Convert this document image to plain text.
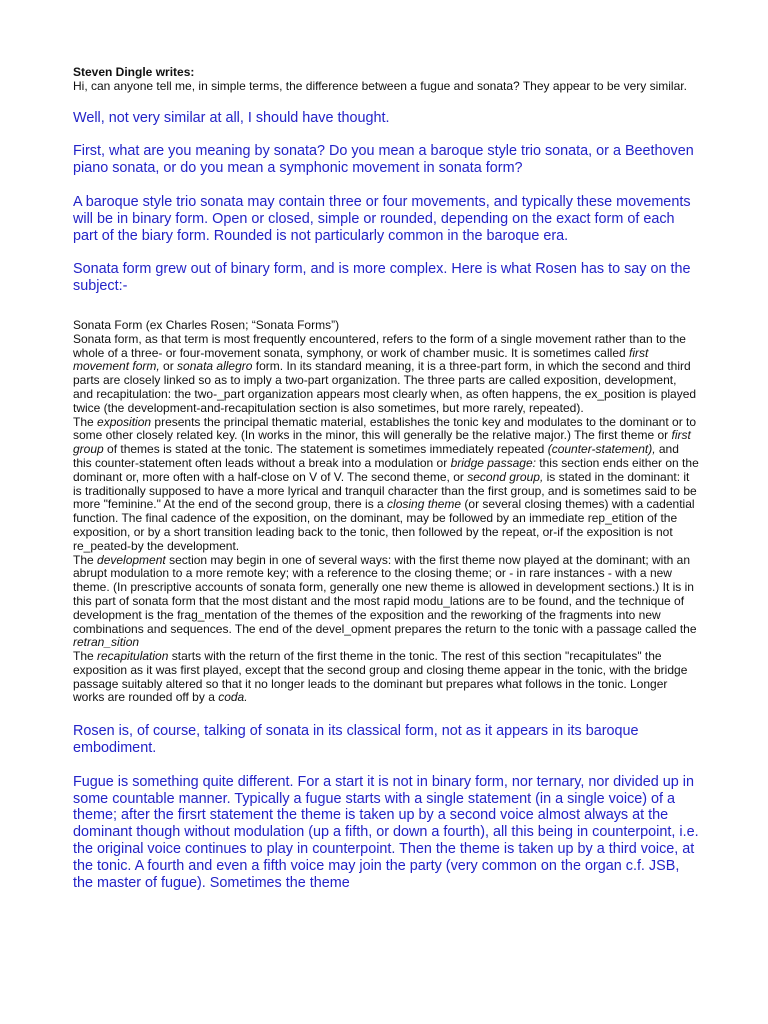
Steven Dingle writes:

Hi, can anyone tell me, in simple terms, the difference between a fugue and sonata? They appear to be very similar.

Well, not very similar at all, I should have thought.

First, what are you meaning by sonata? Do you mean a baroque style trio sonata, or a Beethoven piano sonata, or do you mean a symphonic movement in sonata form?

A baroque style trio sonata may contain three or four movements, and typically these movements will be in binary form. Open or closed, simple or rounded, depending on the exact form of each part of the biary form. Rounded is not particularly common in the baroque era.

Sonata form grew out of binary form, and is more complex. Here is what Rosen has to say on the subject:-

Sonata Form (ex Charles Rosen; “Sonata Forms”)

Sonata form, as that term is most frequently encountered, refers to the form of a single movement rather than to the whole of a three- or four-movement sonata, symphony, or work of chamber music. It is sometimes called first movement form, or sonata allegro form. In its standard meaning, it is a three-part form, in which the second and third parts are closely linked so as to imply a two-part organization. The three parts are called exposition, development, and recapitulation: the two-_part organization appears most clearly when, as often happens, the ex_position is played twice (the development-and-recapitulation section is also sometimes, but more rarely, repeated).

The exposition presents the principal thematic material, establishes the tonic key and modulates to the dominant or to some other closely related key. (In works in the minor, this will generally be the relative major.) The first theme or first group of themes is stated at the tonic. The statement is sometimes immediately repeated (counter-statement), and this counter-statement often leads without a break into a modulation or bridge passage: this section ends either on the dominant or, more often with a half-close on V of V. The second theme, or second group, is stated in the dominant: it is traditionally supposed to have a more lyrical and tranquil character than the first group, and is sometimes said to be more "feminine." At the end of the second group, there is a closing theme (or several closing themes) with a cadential function. The final cadence of the exposition, on the dominant, may be followed by an immediate rep_etition of the exposition, or by a short transition leading back to the tonic, then followed by the repeat, or-if the exposition is not re_peated-by the development.

The development section may begin in one of several ways: with the first theme now played at the dominant; with an abrupt modulation to a more remote key; with a reference to the closing theme; or - in rare instances - with a new theme. (In prescriptive accounts of sonata form, generally one new theme is allowed in development sections.) It is in this part of sonata form that the most distant and the most rapid modu_lations are to be found, and the technique of development is the frag_mentation of the themes of the exposition and the reworking of the fragments into new combinations and sequences. The end of the devel_opment prepares the return to the tonic with a passage called the retran_sition

The recapitulation starts with the return of the first theme in the tonic. The rest of this section "recapitulates" the exposition as it was first played, except that the second group and closing theme appear in the tonic, with the bridge passage suitably altered so that it no longer leads to the dominant but prepares what follows in the tonic. Longer works are rounded off by a coda.

Rosen is, of course, talking of sonata in its classical form, not as it appears in its baroque embodiment.

Fugue is something quite different. For a start it is not in binary form, nor ternary, nor divided up in some countable manner. Typically a fugue starts with a single statement (in a single voice) of a theme; after the firsrt statement the theme is taken up by a second voice almost always at the dominant though without modulation (up a fifth, or down a fourth), all this being in counterpoint, i.e. the original voice continues to play in counterpoint. Then the theme is taken up by a third voice, at the tonic. A fourth and even a fifth voice may join the party (very common on the organ c.f. JSB, the master of fugue). Sometimes the theme
